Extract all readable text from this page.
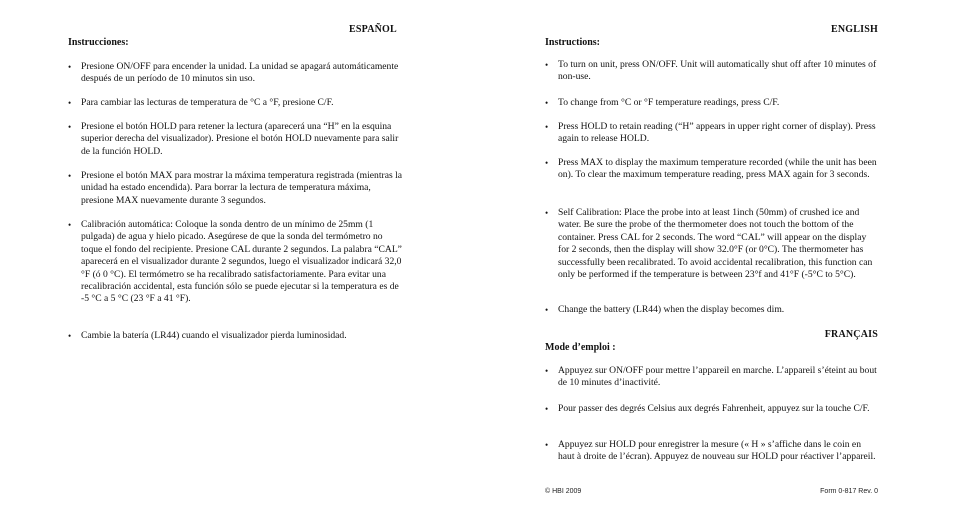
ESPAÑOL
Instrucciones:
•	Presione ON/OFF para encender la unidad. La unidad se apagará automáticamente después de un período de 10 minutos sin uso.
•	Para cambiar las lecturas de temperatura de °C a °F, presione C/F.
•	Presione el botón HOLD para retener la lectura (aparecerá una “H” en la esquina superior derecha del visualizador). Presione el botón HOLD nuevamente para salir de la función HOLD.
•	Presione el botón MAX para mostrar la máxima temperatura registrada (mientras la unidad ha estado encendida). Para borrar la lectura de temperatura máxima, presione MAX nuevamente durante 3 segundos.
•	Calibración automática: Coloque la sonda dentro de un mínimo de 25mm (1 pulgada) de agua y hielo picado. Asegúrese de que la sonda del termómetro no toque el fondo del recipiente. Presione CAL durante 2 segundos. La palabra “CAL” aparecerá en el visualizador durante 2 segundos, luego el visualizador indicará 32,0 °F (ó 0 °C). El termómetro se ha recalibrado satisfactoriamente. Para evitar una recalibración accidental, esta función sólo se puede ejecutar si la temperatura es de -5 °C a 5 °C (23 °F a 41 °F).
•	Cambie la batería (LR44) cuando el visualizador pierda luminosidad.
ENGLISH
Instructions:
•	To turn on unit, press ON/OFF. Unit will automatically shut off after 10 minutes of non-use.
•	To change from °C or °F temperature readings, press C/F.
•	Press HOLD to retain reading (“H” appears in upper right corner of display). Press again to release HOLD.
•	Press MAX to display the maximum temperature recorded (while the unit has been on). To clear the maximum temperature reading, press MAX again for 3 seconds.
•	Self Calibration: Place the probe into at least 1inch (50mm) of crushed ice and water. Be sure the probe of the thermometer does not touch the bottom of the container. Press CAL for 2 seconds. The word “CAL” will appear on the display for 2 seconds, then the display will show 32.0°F (or 0°C). The thermometer has successfully been recalibrated. To avoid accidental recalibration, this function can only be performed if the temperature is between 23°f and 41°F (-5°C to 5°C).
•	Change the battery (LR44) when the display becomes dim.
FRANÇAIS
Mode d’emploi :
•	Appuyez sur ON/OFF pour mettre l’appareil en marche. L’appareil s’éteint au bout de 10 minutes d’inactivité.
•	Pour passer des degrés Celsius aux degrés Fahrenheit, appuyez sur la touche C/F.
•	Appuyez sur HOLD pour enregistrer la mesure (« H » s’affiche dans le coin en haut à droite de l’écran). Appuyez de nouveau sur HOLD pour réactiver l’appareil.
© HBI 2009	Form 0-817 Rev. 0
